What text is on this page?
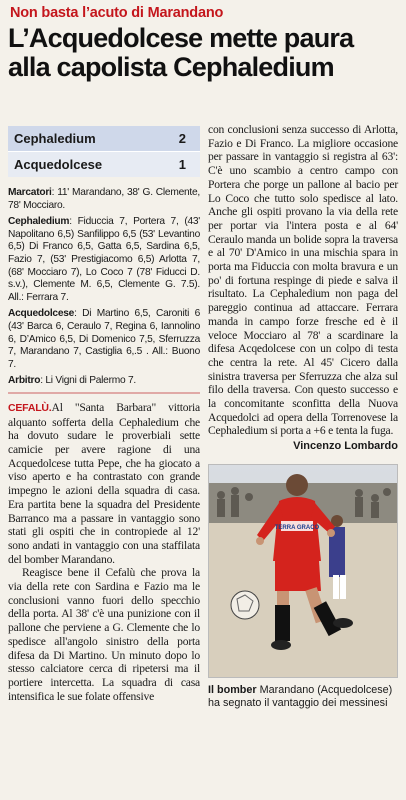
Non basta l’acuto di Marandano
L’Acquedolcese mette paura alla capolista Cephaledium
Cephaledium	2
Acquedolcese	1

Marcatori: 11' Marandano, 38' G. Clemente, 78' Mocciaro.

Cephaledium: Fiduccia 7, Portera 7, (43' Napolitano 6,5) Sanfilippo 6,5 (53' Levantino 6,5) Di Franco 6,5, Gatta 6,5, Sardina 6,5, Fazio 7, (53' Prestigiacomo 6,5) Arlotta 7, (68' Mocciaro 7), Lo Coco 7 (78' Fiducci D. s.v.), Clemente M. 6,5, Clemente G. 7.5). All.: Ferrara 7.

Acquedolcese: Di Martino 6,5, Caroniti 6 (43' Barca 6, Ceraulo 7, Regina 6, Iannolino 6, D’Amico 6,5, Di Domenico 7,5, Sferruzza 7, Marandano 7, Castiglia 6,.5 . All.: Buono 7.

Arbitro: Li Vigni di Palermo 7.

CEFALÙ.Al "Santa Barbara" vittoria alquanto sofferta della Cephaledium che ha dovuto sudare le proverbiali sette camicie per avere ragione di una Acquedolcese tutta Pepe, che ha giocato a viso aperto e ha contrastato con grande impegno le azioni della squadra di casa. Era partita bene la squadra del Presidente Barranco ma a passare in vantaggio sono stati gli ospiti che in contropiede al 12' sono andati in vantaggio con una staffilata del bomber Marandano.

Reagisce bene il Cefalù che prova la via della rete con Sardina e Fazio ma le conclusioni vanno fuori dello specchio della porta. Al 38' c'è una punizione con il pallone che perviene a G. Clemente che lo spedisce all'angolo sinistro della porta difesa da Di Martino. Un minuto dopo lo stesso calciatore cerca di ripetersi ma il portiere intercetta. La squadra di casa intensifica le sue folate offensive

con conclusioni senza successo di Arlotta, Fazio e Di Franco. La migliore occasione per passare in vantaggio si registra al 63': C'è uno scambio a centro campo con Portera che porge un pallone al bacio per Lo Coco che tutto solo spedisce al lato. Anche gli ospiti provano la via della rete per portar via l'intera posta e al 64' Ceraulo manda un bolide sopra la traversa e al 70' D'Amico in una mischia spara in porta ma Fiduccia con molta bravura e un po' di fortuna respinge di piede e salva il risultato. La Cephaledium non paga del pareggio continua ad attaccare. Ferrara manda in campo forze fresche ed è il veloce Mocciaro al 78' a scardinare la difesa Acqedolcese con un colpo di testa che centra la rete. Al 45' Cicero dalla sinistra traversa per Sferruzza che alza sul filo della traversa. Con questo successo e la concomitante sconfitta della Nuova Acquedolci ad opera della Torrenovese la Cephaledium si porta a +6 e tenta la fuga.

Vincenzo Lombardo
TERRA GRACO
Il bomber Marandano (Acquedolcese) ha segnato il vantaggio dei messinesi
